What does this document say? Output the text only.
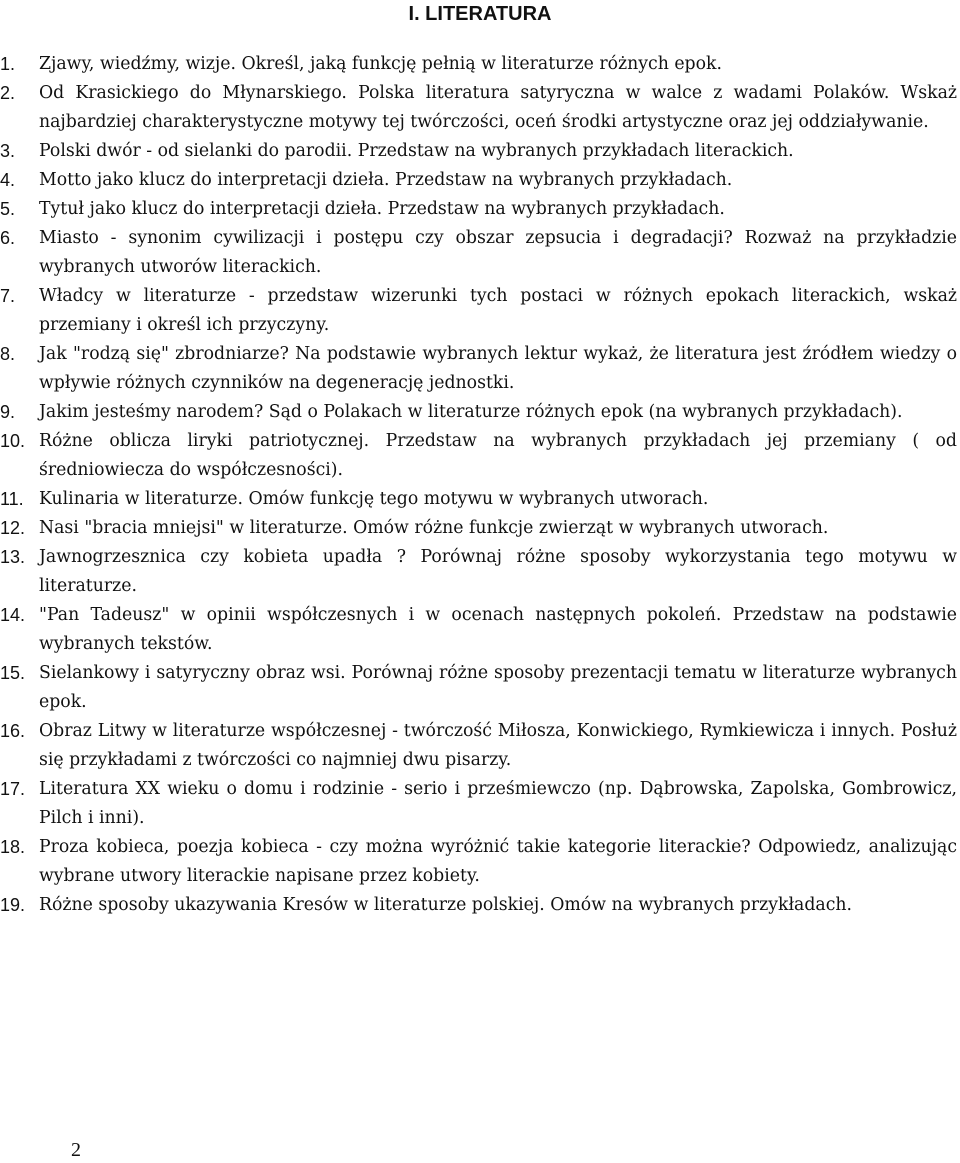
I. LITERATURA
1.	Zjawy, wiedźmy, wizje. Określ, jaką funkcję pełnią w literaturze różnych epok.
2.	Od Krasickiego do Młynarskiego. Polska literatura satyryczna w walce z wadami Polaków. Wskaż najbardziej charakterystyczne motywy tej twórczości, oceń środki artystyczne oraz jej oddziaływanie.
3.	Polski dwór - od sielanki do parodii. Przedstaw na wybranych przykładach literackich.
4.	Motto jako klucz do interpretacji dzieła. Przedstaw na wybranych przykładach.
5.	Tytuł jako klucz do interpretacji dzieła. Przedstaw na wybranych przykładach.
6.	Miasto - synonim cywilizacji i postępu czy obszar zepsucia i degradacji? Rozważ na przykładzie wybranych utworów literackich.
7.	Władcy w literaturze - przedstaw wizerunki tych postaci w różnych epokach literackich, wskaż przemiany i określ ich przyczyny.
8.	Jak "rodzą się" zbrodniarze? Na podstawie wybranych lektur wykaż, że literatura jest źródłem wiedzy o wpływie różnych czynników na degenerację jednostki.
9.	Jakim jesteśmy narodem? Sąd o Polakach w literaturze różnych epok (na wybranych przykładach).
10. Różne oblicza liryki patriotycznej. Przedstaw na wybranych przykładach jej przemiany ( od średniowiecza do współczesności).
11. Kulinaria w literaturze. Omów funkcję tego motywu w wybranych utworach.
12. Nasi "bracia mniejsi" w literaturze. Omów różne funkcje zwierząt w wybranych utworach.
13. Jawnogrzesznica czy kobieta upadła ? Porównaj różne sposoby wykorzystania tego motywu w literaturze.
14. "Pan Tadeusz" w opinii współczesnych i w ocenach następnych pokoleń. Przedstaw na podstawie wybranych tekstów.
15. Sielankowy i satyryczny obraz wsi. Porównaj różne sposoby prezentacji tematu w literaturze wybranych epok.
16. Obraz Litwy w literaturze współczesnej - twórczość Miłosza, Konwickiego, Rymkiewicza i innych. Posłuż się przykładami z twórczości co najmniej dwu pisarzy.
17. Literatura XX wieku o domu i rodzinie - serio i prześmiewczo (np. Dąbrowska, Zapolska, Gombrowicz, Pilch i inni).
18. Proza kobieca, poezja kobieca - czy można wyróżnić takie kategorie literackie? Odpowiedz, analizując wybrane utwory literackie napisane przez kobiety.
19. Różne sposoby ukazywania Kresów w literaturze polskiej. Omów na wybranych przykładach.
2
